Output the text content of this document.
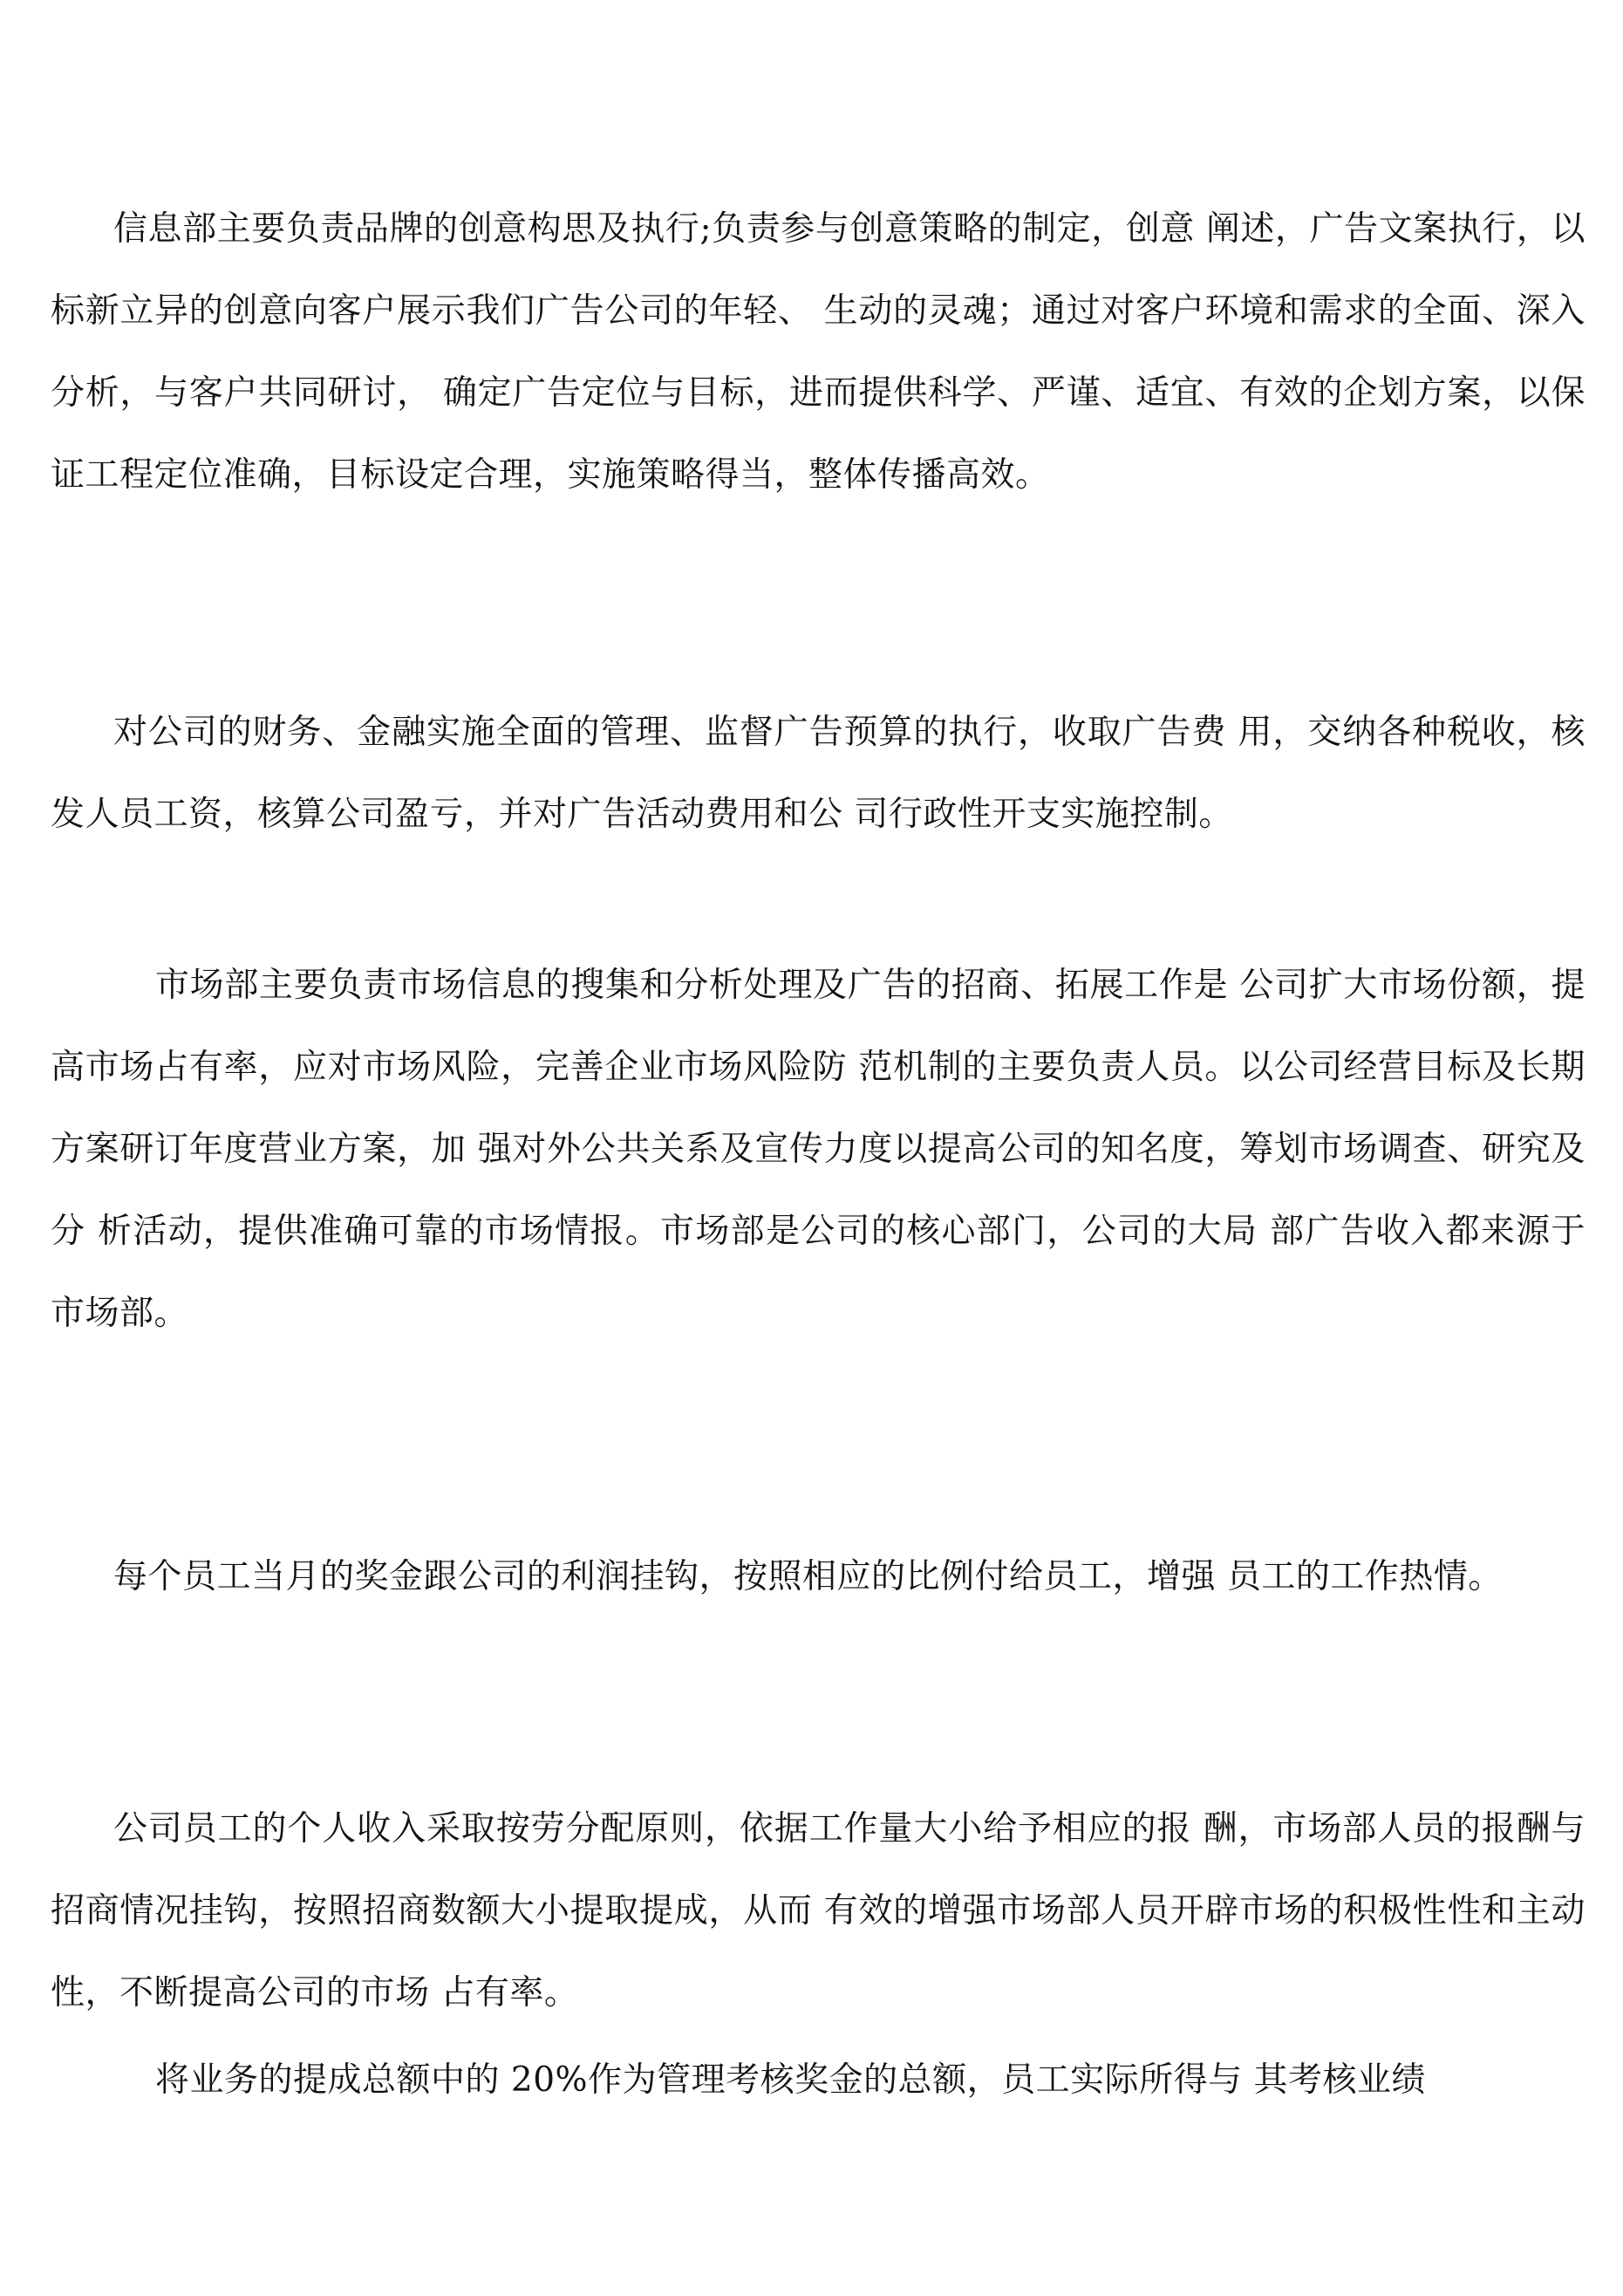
信息部主要负责品牌的创意构思及执行;负责参与创意策略的制定，创意 阐述，广告文案执行，以标新立异的创意向客户展示我们广告公司的年轻、 生动的灵魂；通过对客户环境和需求的全面、深入分析，与客户共同研讨， 确定广告定位与目标，进而提供科学、严谨、适宜、有效的企划方案，以保 证工程定位准确，目标设定合理，实施策略得当，整体传播高效。

对公司的财务、金融实施全面的管理、监督广告预算的执行，收取广告费 用，交纳各种税收，核发人员工资，核算公司盈亏，并对广告活动费用和公 司行政性开支实施控制。

市场部主要负责市场信息的搜集和分析处理及广告的招商、拓展工作是 公司扩大市场份额，提高市场占有率，应对市场风险，完善企业市场风险防 范机制的主要负责人员。以公司经营目标及长期方案研订年度营业方案，加 强对外公共关系及宣传力度以提高公司的知名度，筹划市场调查、研究及分 析活动，提供准确可靠的市场情报。市场部是公司的核心部门，公司的大局 部广告收入都来源于市场部。

每个员工当月的奖金跟公司的利润挂钩，按照相应的比例付给员工，增强 员工的工作热情。

公司员工的个人收入采取按劳分配原则，依据工作量大小给予相应的报 酬，市场部人员的报酬与招商情况挂钩，按照招商数额大小提取提成，从而 有效的增强市场部人员开辟市场的积极性性和主动性，不断提高公司的市场 占有率。

将业务的提成总额中的 20%作为管理考核奖金的总额，员工实际所得与 其考核业绩
